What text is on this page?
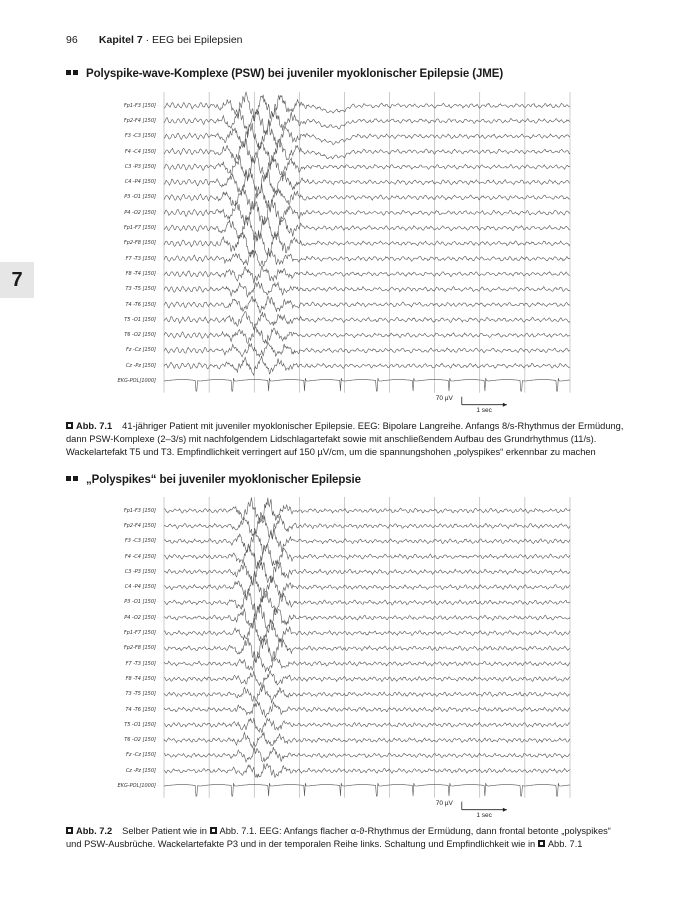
96 Kapitel 7 · EEG bei Epilepsien
7
Polyspike-wave-Komplexe (PSW) bei juveniler myoklonischer Epilepsie (JME)
Fp1-F3 [150]
Fp2-F4 [150]
F3 -C3 [150]
F4 -C4 [150]
C3 -P3 [150]
C4 -P4 [150]
P3 -O1 [150]
P4 -O2 [150]
Fp1-F7 [150]
Fp2-F8 [150]
F7 -T3 [150]
F8 -T4 [150]
T3 -T5 [150]
T4 -T6 [150]
T5 -O1 [150]
T6 -O2 [150]
Fz -Cz [150]
Cz -Pz [150]
EKG-POL[1000]
70 µV
1 sec
Abb. 7.1 41-jähriger Patient mit juveniler myoklonischer Epilepsie. EEG: Bipolare Langreihe. Anfangs 8/s-Rhythmus der Ermüdung, dann PSW-Komplexe (2–3/s) mit nachfolgendem Lidschlagartefakt sowie mit anschließendem Aufbau des Grundrhythmus (11/s). Wackelartefakt T5 und T3. Empfindlichkeit verringert auf 150 µV/cm, um die spannungshohen „polyspikes“ erkennbar zu machen
„Polyspikes“ bei juveniler myoklonischer Epilepsie
Fp1-F3 [150]
Fp2-F4 [150]
F3 -C3 [150]
F4 -C4 [150]
C3 -P3 [150]
C4 -P4 [150]
P3 -O1 [150]
P4 -O2 [150]
Fp1-F7 [150]
Fp2-F8 [150]
F7 -T3 [150]
F8 -T4 [150]
T3 -T5 [150]
T4 -T6 [150]
T5 -O1 [150]
T6 -O2 [150]
Fz -Cz [150]
Cz -Pz [150]
EKG-POL[1000]
70 µV
1 sec
Abb. 7.2 Selber Patient wie in Abb. 7.1. EEG: Anfangs flacher α-ϑ-Rhythmus der Ermüdung, dann frontal betonte „polyspikes“ und PSW-Ausbrüche. Wackelartefakte P3 und in der temporalen Reihe links. Schaltung und Empfindlichkeit wie in Abb. 7.1
